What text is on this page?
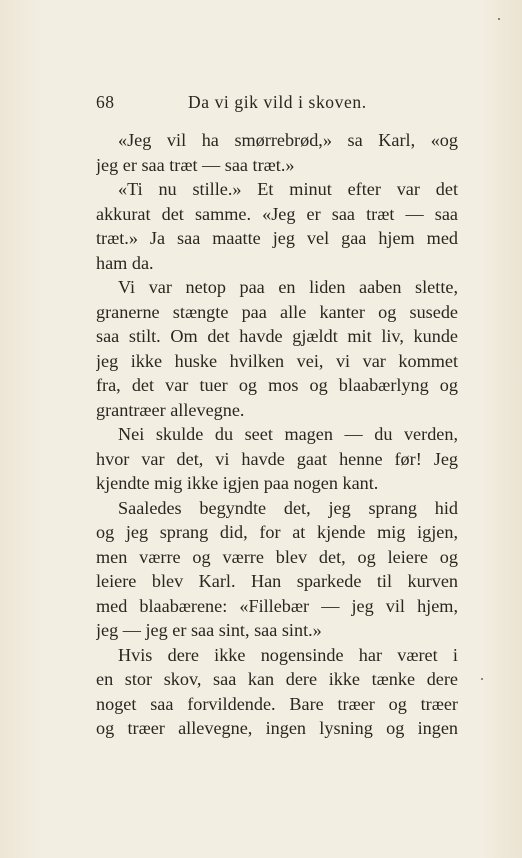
68	Da vi gik vild i skoven.
«Jeg vil ha smørrebrød,» sa Karl, «og
jeg er saa træt — saa træt.»
«Ti nu stille.» Et minut efter var det
akkurat det samme. «Jeg er saa træt — saa
træt.» Ja saa maatte jeg vel gaa hjem med
ham da.
Vi var netop paa en liden aaben slette,
granerne stængte paa alle kanter og susede
saa stilt. Om det havde gjældt mit liv, kunde
jeg ikke huske hvilken vei, vi var kommet
fra, det var tuer og mos og blaabærlyng og
grantræer allevegne.
Nei skulde du seet magen — du verden,
hvor var det, vi havde gaat henne før! Jeg
kjendte mig ikke igjen paa nogen kant.
Saaledes begyndte det, jeg sprang hid
og jeg sprang did, for at kjende mig igjen,
men værre og værre blev det, og leiere og
leiere blev Karl. Han sparkede til kurven
med blaabærene: «Fillebær — jeg vil hjem,
jeg — jeg er saa sint, saa sint.»
Hvis dere ikke nogensinde har været i
en stor skov, saa kan dere ikke tænke dere
noget saa forvildende. Bare træer og træer
og træer allevegne, ingen lysning og ingen
